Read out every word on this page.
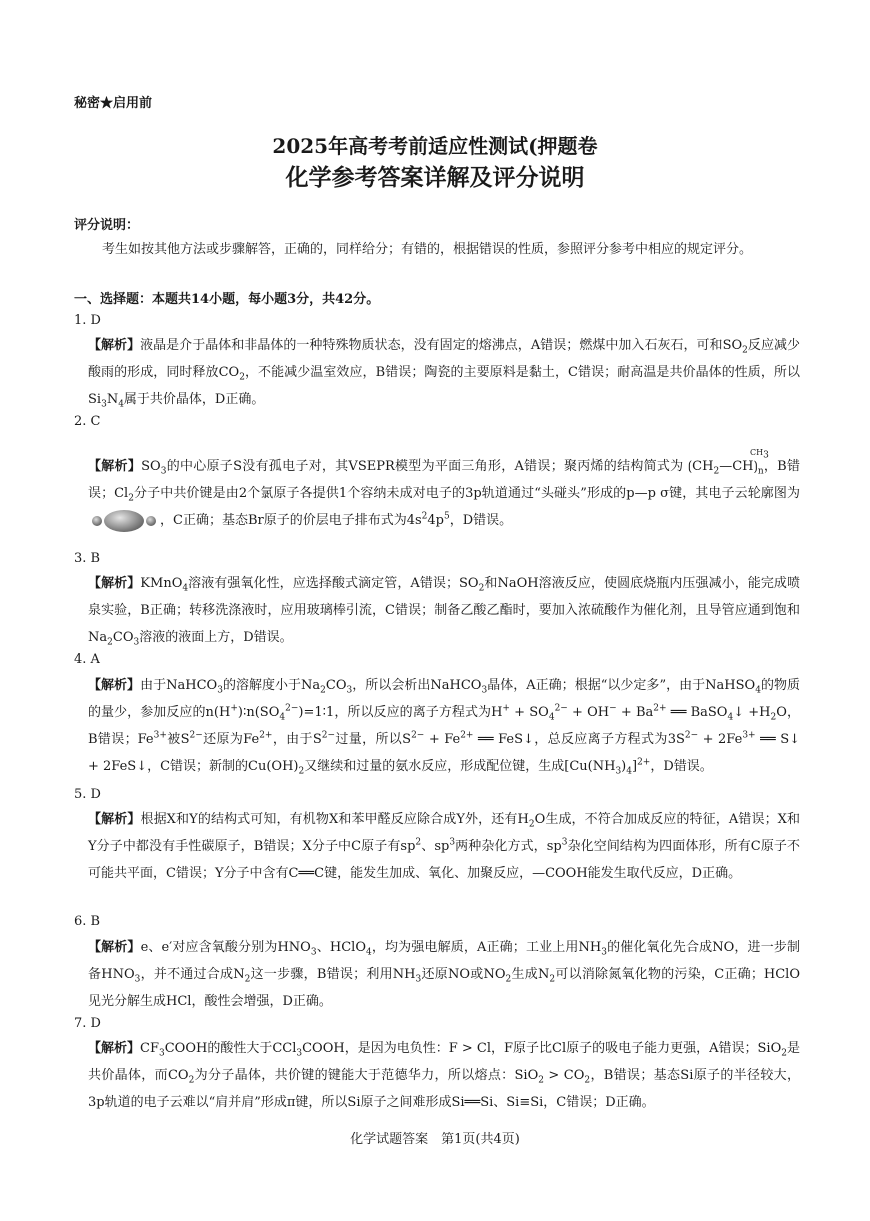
秘密★启用前
2025年高考考前适应性测试(押题卷
化学参考答案详解及评分说明
评分说明：
考生如按其他方法或步骤解答，正确的，同样给分；有错的，根据错误的性质，参照评分参考中相应的规定评分。
一、选择题：本题共14小题，每小题3分，共42分。
1. D
【解析】液晶是介于晶体和非晶体的一种特殊物质状态，没有固定的熔沸点，A错误；燃煤中加入石灰石，可和$SO_2$反应减少酸雨的形成，同时释放$CO_2$，不能减少温室效应，B错误；陶瓷的主要原料是黏土，C错误；耐高温是共价晶体的性质，所以$Si_3N_4$属于共价晶体，D正确。
2. C
$CH_3$
【解析】$SO_3$的中心原子S没有孤电子对，其VSEPR模型为平面三角形，A错误；聚丙烯的结构简式为 $⟮CH_2—CH⟯_n$，B错误；$Cl_2$分子中共价键是由2个氯原子各提供1个容纳未成对电子的3p轨道通过“头碰头”形成的p—p σ键，其电子云轮廓图为
，C正确；基态Br原子的价层电子排布式为$4s^24p^5$，D错误。
3. B
【解析】KMnO$_4$溶液有强氧化性，应选择酸式滴定管，A错误；$SO_2$和NaOH溶液反应，使圆底烧瓶内压强减小，能完成喷泉实验，B正确；转移洗涤液时，应用玻璃棒引流，C错误；制备乙酸乙酯时，要加入浓硫酸作为催化剂，且导管应通到饱和$Na_2CO_3$溶液的液面上方，D错误。
4. A
【解析】由于NaHCO$_3$的溶解度小于$Na_2CO_3$，所以会析出NaHCO$_3$晶体，A正确；根据“以少定多”，由于NaHSO$_4$的物质的量少，参加反应的$n(H^+)∶n(SO_4^{2-})=1∶1$，所以反应的离子方程式为$H^+ + SO_4^{2-} + OH^- + Ba^{2+}$ ══ BaSO$_4$↓ $+H_2O$，B错误；$Fe^{3+}$被$S^{2-}$还原为$Fe^{2+}$，由于$S^{2-}$过量，所以$S^{2-} + Fe^{2+}$ ══ FeS↓，总反应离子方程式为$3S^{2-} + 2Fe^{3+}$ ══ S↓ + 2FeS↓，C错误；新制的$Cu(OH)_2$又继续和过量的氨水反应，形成配位键，生成$[Cu(NH_3)_4]^{2+}$，D错误。
5. D
【解析】根据X和Y的结构式可知，有机物X和苯甲醛反应除合成Y外，还有$H_2O$生成，不符合加成反应的特征，A错误；X和Y分子中都没有手性碳原子，B错误；X分子中C原子有$sp^2$、$sp^3$两种杂化方式，$sp^3$杂化空间结构为四面体形，所有C原子不可能共平面，C错误；Y分子中含有C══C键，能发生加成、氧化、加聚反应，—COOH能发生取代反应，D正确。
6. B
【解析】e、e′对应含氧酸分别为$HNO_3$、HClO$_4$，均为强电解质，A正确；工业上用$NH_3$的催化氧化先合成NO，进一步制备$HNO_3$，并不通过合成$N_2$这一步骤，B错误；利用$NH_3$还原NO或$NO_2$生成$N_2$可以消除氮氧化物的污染，C正确；HClO见光分解生成HCl，酸性会增强，D正确。
7. D
【解析】$CF_3COOH$的酸性大于CCl$_3$COOH，是因为电负性：F > Cl，F原子比Cl原子的吸电子能力更强，A错误；SiO$_2$是共价晶体，而$CO_2$为分子晶体，共价键的键能大于范德华力，所以熔点：$SiO_2 > CO_2$，B错误；基态Si原子的半径较大，3p轨道的电子云难以“肩并肩”形成π键，所以Si原子之间难形成Si══Si、Si≡Si，C错误；D正确。
化学试题答案　第1页(共4页)
